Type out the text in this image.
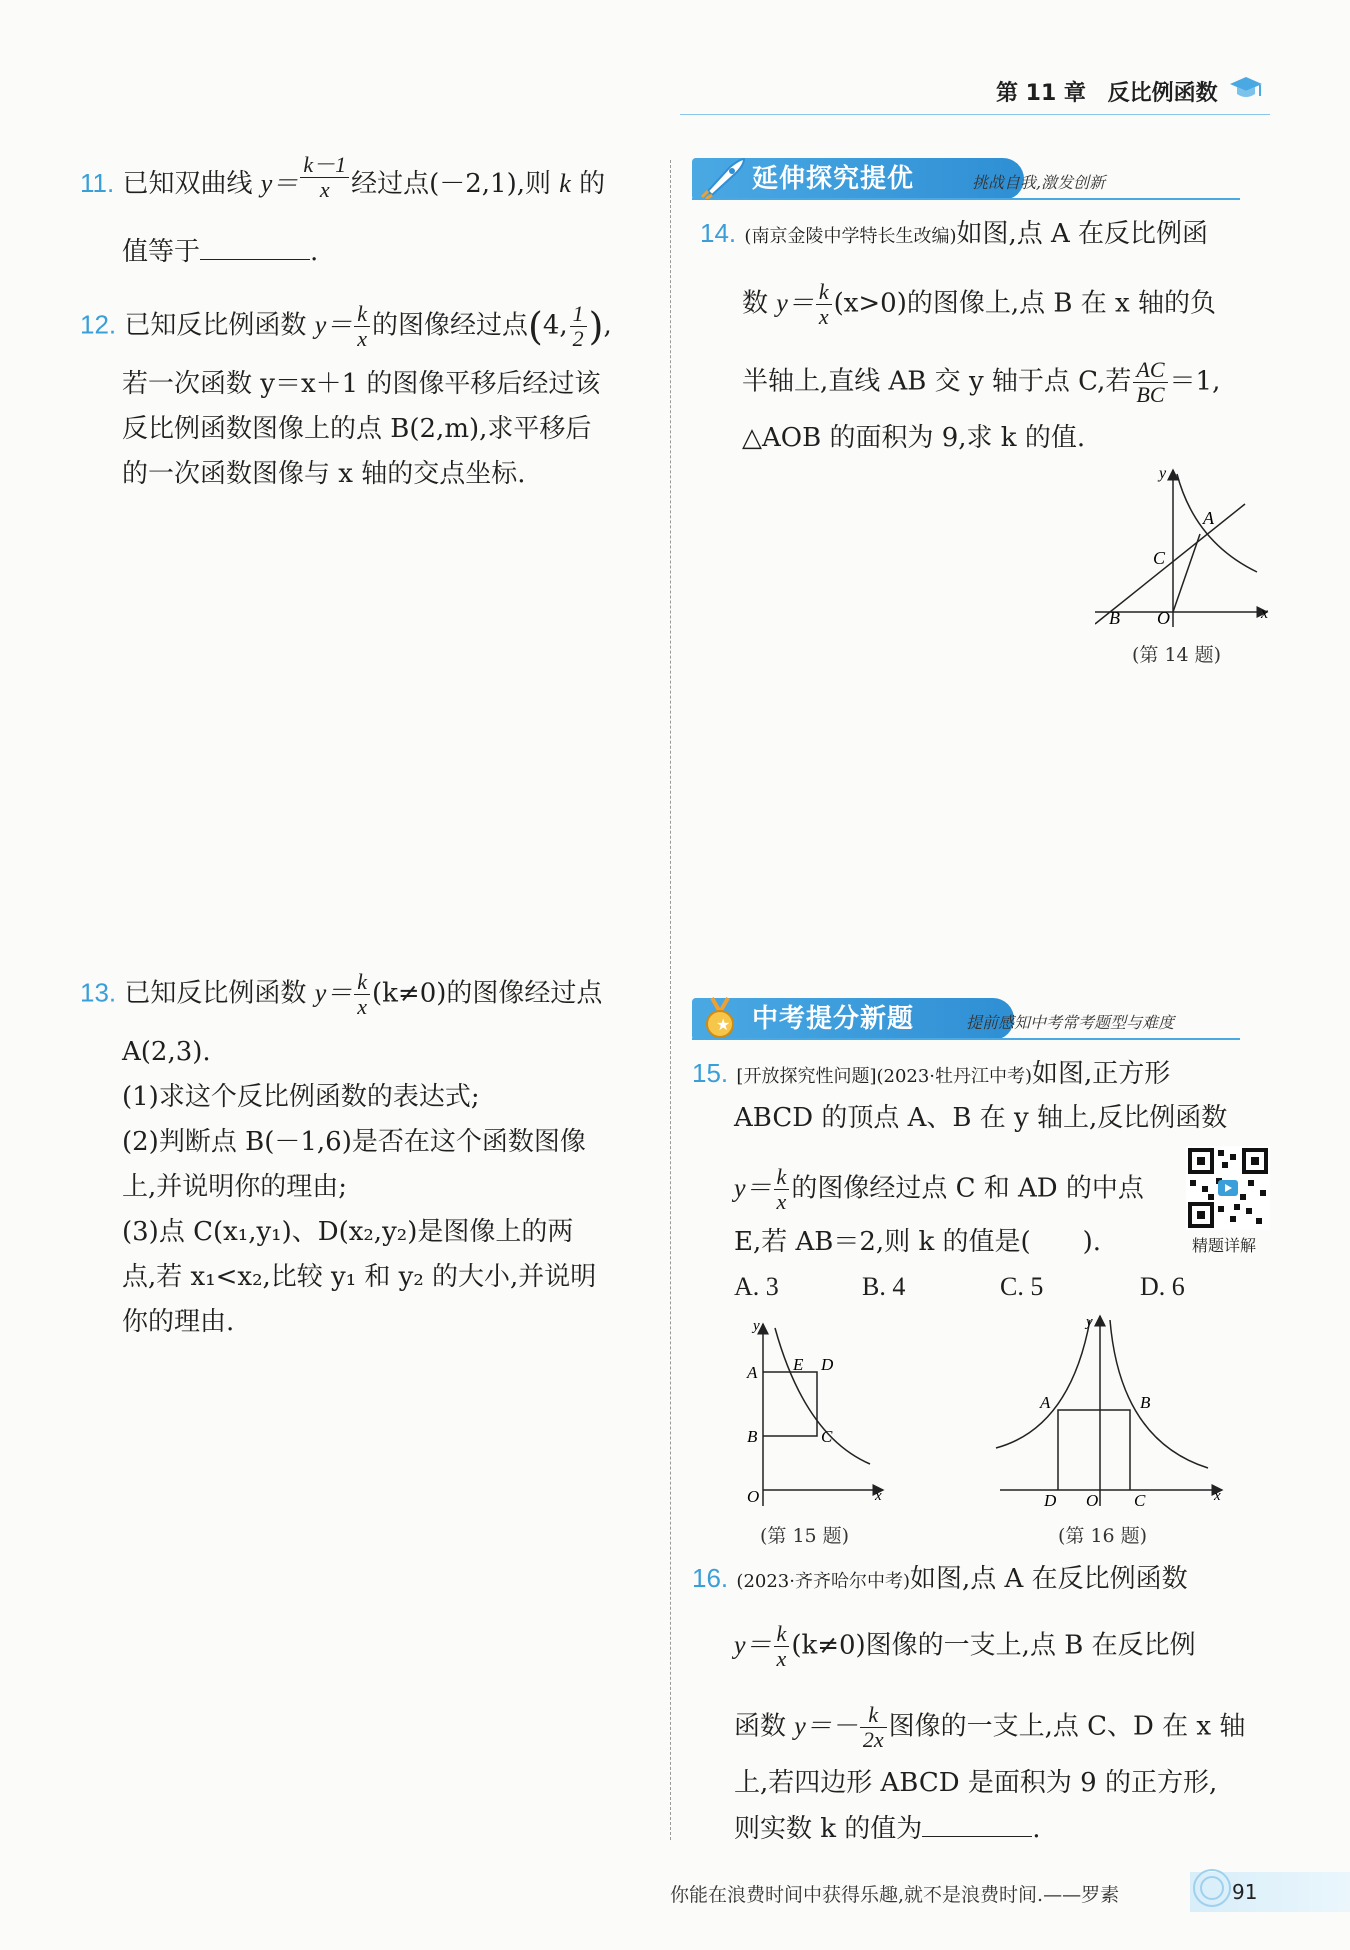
第 11 章 反比例函数
11. 已知双曲线 $y= \frac{k-1}{x}$ 经过点(－2,1),则 k 的
值等于	.
12. 已知反比例函数 $y= \frac{k}{x}$ 的图像经过点(4, $\frac{1}{2}$ ),
若一次函数 y＝x＋1 的图像平移后经过该
反比例函数图像上的点 B(2,m),求平移后
的一次函数图像与 x 轴的交点坐标.
13. 已知反比例函数 $y= \frac{k}{x} (k\ne 0)$的图像经过点
A(2,3).
(1)求这个反比例函数的表达式;
(2)判断点 B(－1,6)是否在这个函数图像
上,并说明你的理由;
(3)点 C(x₁,y₁)、D(x₂,y₂)是图像上的两
点,若 x₁<x₂,比较 y₁ 和 y₂ 的大小,并说明
你的理由.
延伸探究提优	挑战自我,激发创新
14. (南京金陵中学特长生改编)如图,点 A 在反比例函
数 $y= \frac{k}{x} (x>0)$的图像上,点 B 在 x 轴的负
半轴上,直线 AB 交 y 轴于点 C,若 $\frac{AC}{BC} =1$,
△AOB 的面积为 9,求 k 的值.
y
x
A
B
C
O
(第 14 题)
★ 中考提分新题	提前感知中考常考题型与难度
15. [开放探究性问题](2023·牡丹江中考)如图,正方形
ABCD 的顶点 A、B 在 y 轴上,反比例函数
$y= \frac{k}{x}$ 的图像经过点 C 和 AD 的中点
E,若 AB＝2,则 k 的值是(　　).	精题详解
A. 3	B. 4	C. 5	D. 6
y
x
A
B	C
D
E
O
(第 15 题)
y
x
A	B
C
D O
(第 16 题)
16. (2023·齐齐哈尔中考)如图,点 A 在反比例函数
$y= \frac{k}{x} (k\ne 0)$图像的一支上,点 B 在反比例
函数 $y=- \frac{k}{2x}$ 图像的一支上,点 C、D 在 x 轴
上,若四边形 ABCD 是面积为 9 的正方形,
则实数 k 的值为	.
你能在浪费时间中获得乐趣,就不是浪费时间.——罗素	91
